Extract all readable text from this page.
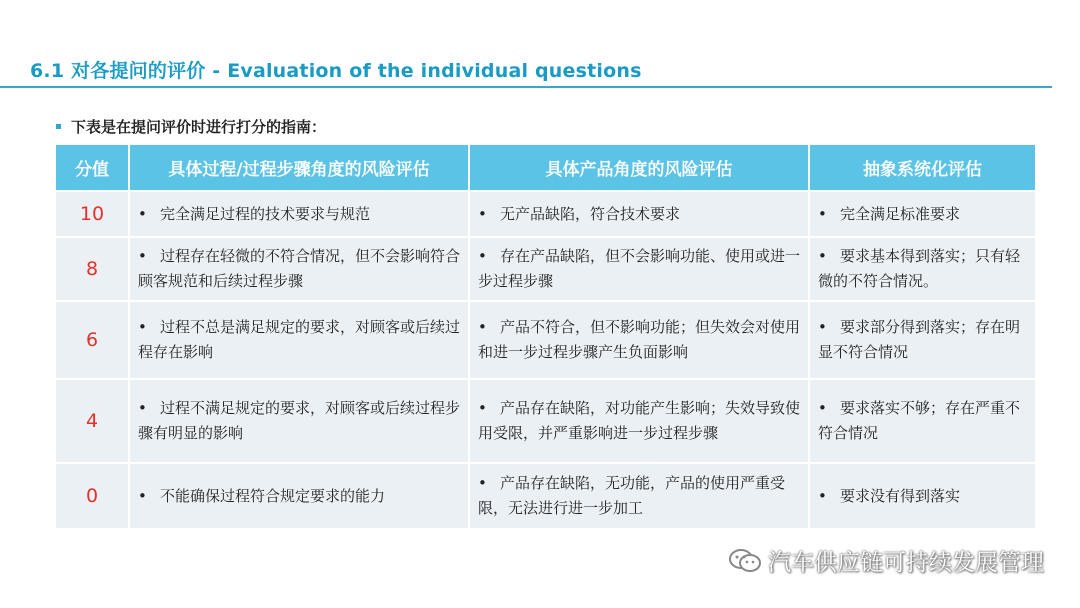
6.1 对各提问的评价 - Evaluation of the individual questions
下表是在提问评价时进行打分的指南：
分值	具体过程/过程步骤角度的风险评估	具体产品角度的风险评估	抽象系统化评估
10	• 完全满足过程的技术要求与规范	• 无产品缺陷，符合技术要求	• 完全满足标准要求
8	• 过程存在轻微的不符合情况，但不会影响符合顾客规范和后续过程步骤	• 存在产品缺陷，但不会影响功能、使用或进一步过程步骤	• 要求基本得到落实；只有轻微的不符合情况。
6	• 过程不总是满足规定的要求，对顾客或后续过程存在影响	• 产品不符合，但不影响功能；但失效会对使用和进一步过程步骤产生负面影响	• 要求部分得到落实；存在明显不符合情况
4	• 过程不满足规定的要求，对顾客或后续过程步骤有明显的影响	• 产品存在缺陷，对功能产生影响；失效导致使用受限，并严重影响进一步过程步骤	• 要求落实不够；存在严重不符合情况
0	• 不能确保过程符合规定要求的能力	• 产品存在缺陷，无功能，产品的使用严重受限，无法进行进一步加工	• 要求没有得到落实
汽车供应链可持续发展管理
